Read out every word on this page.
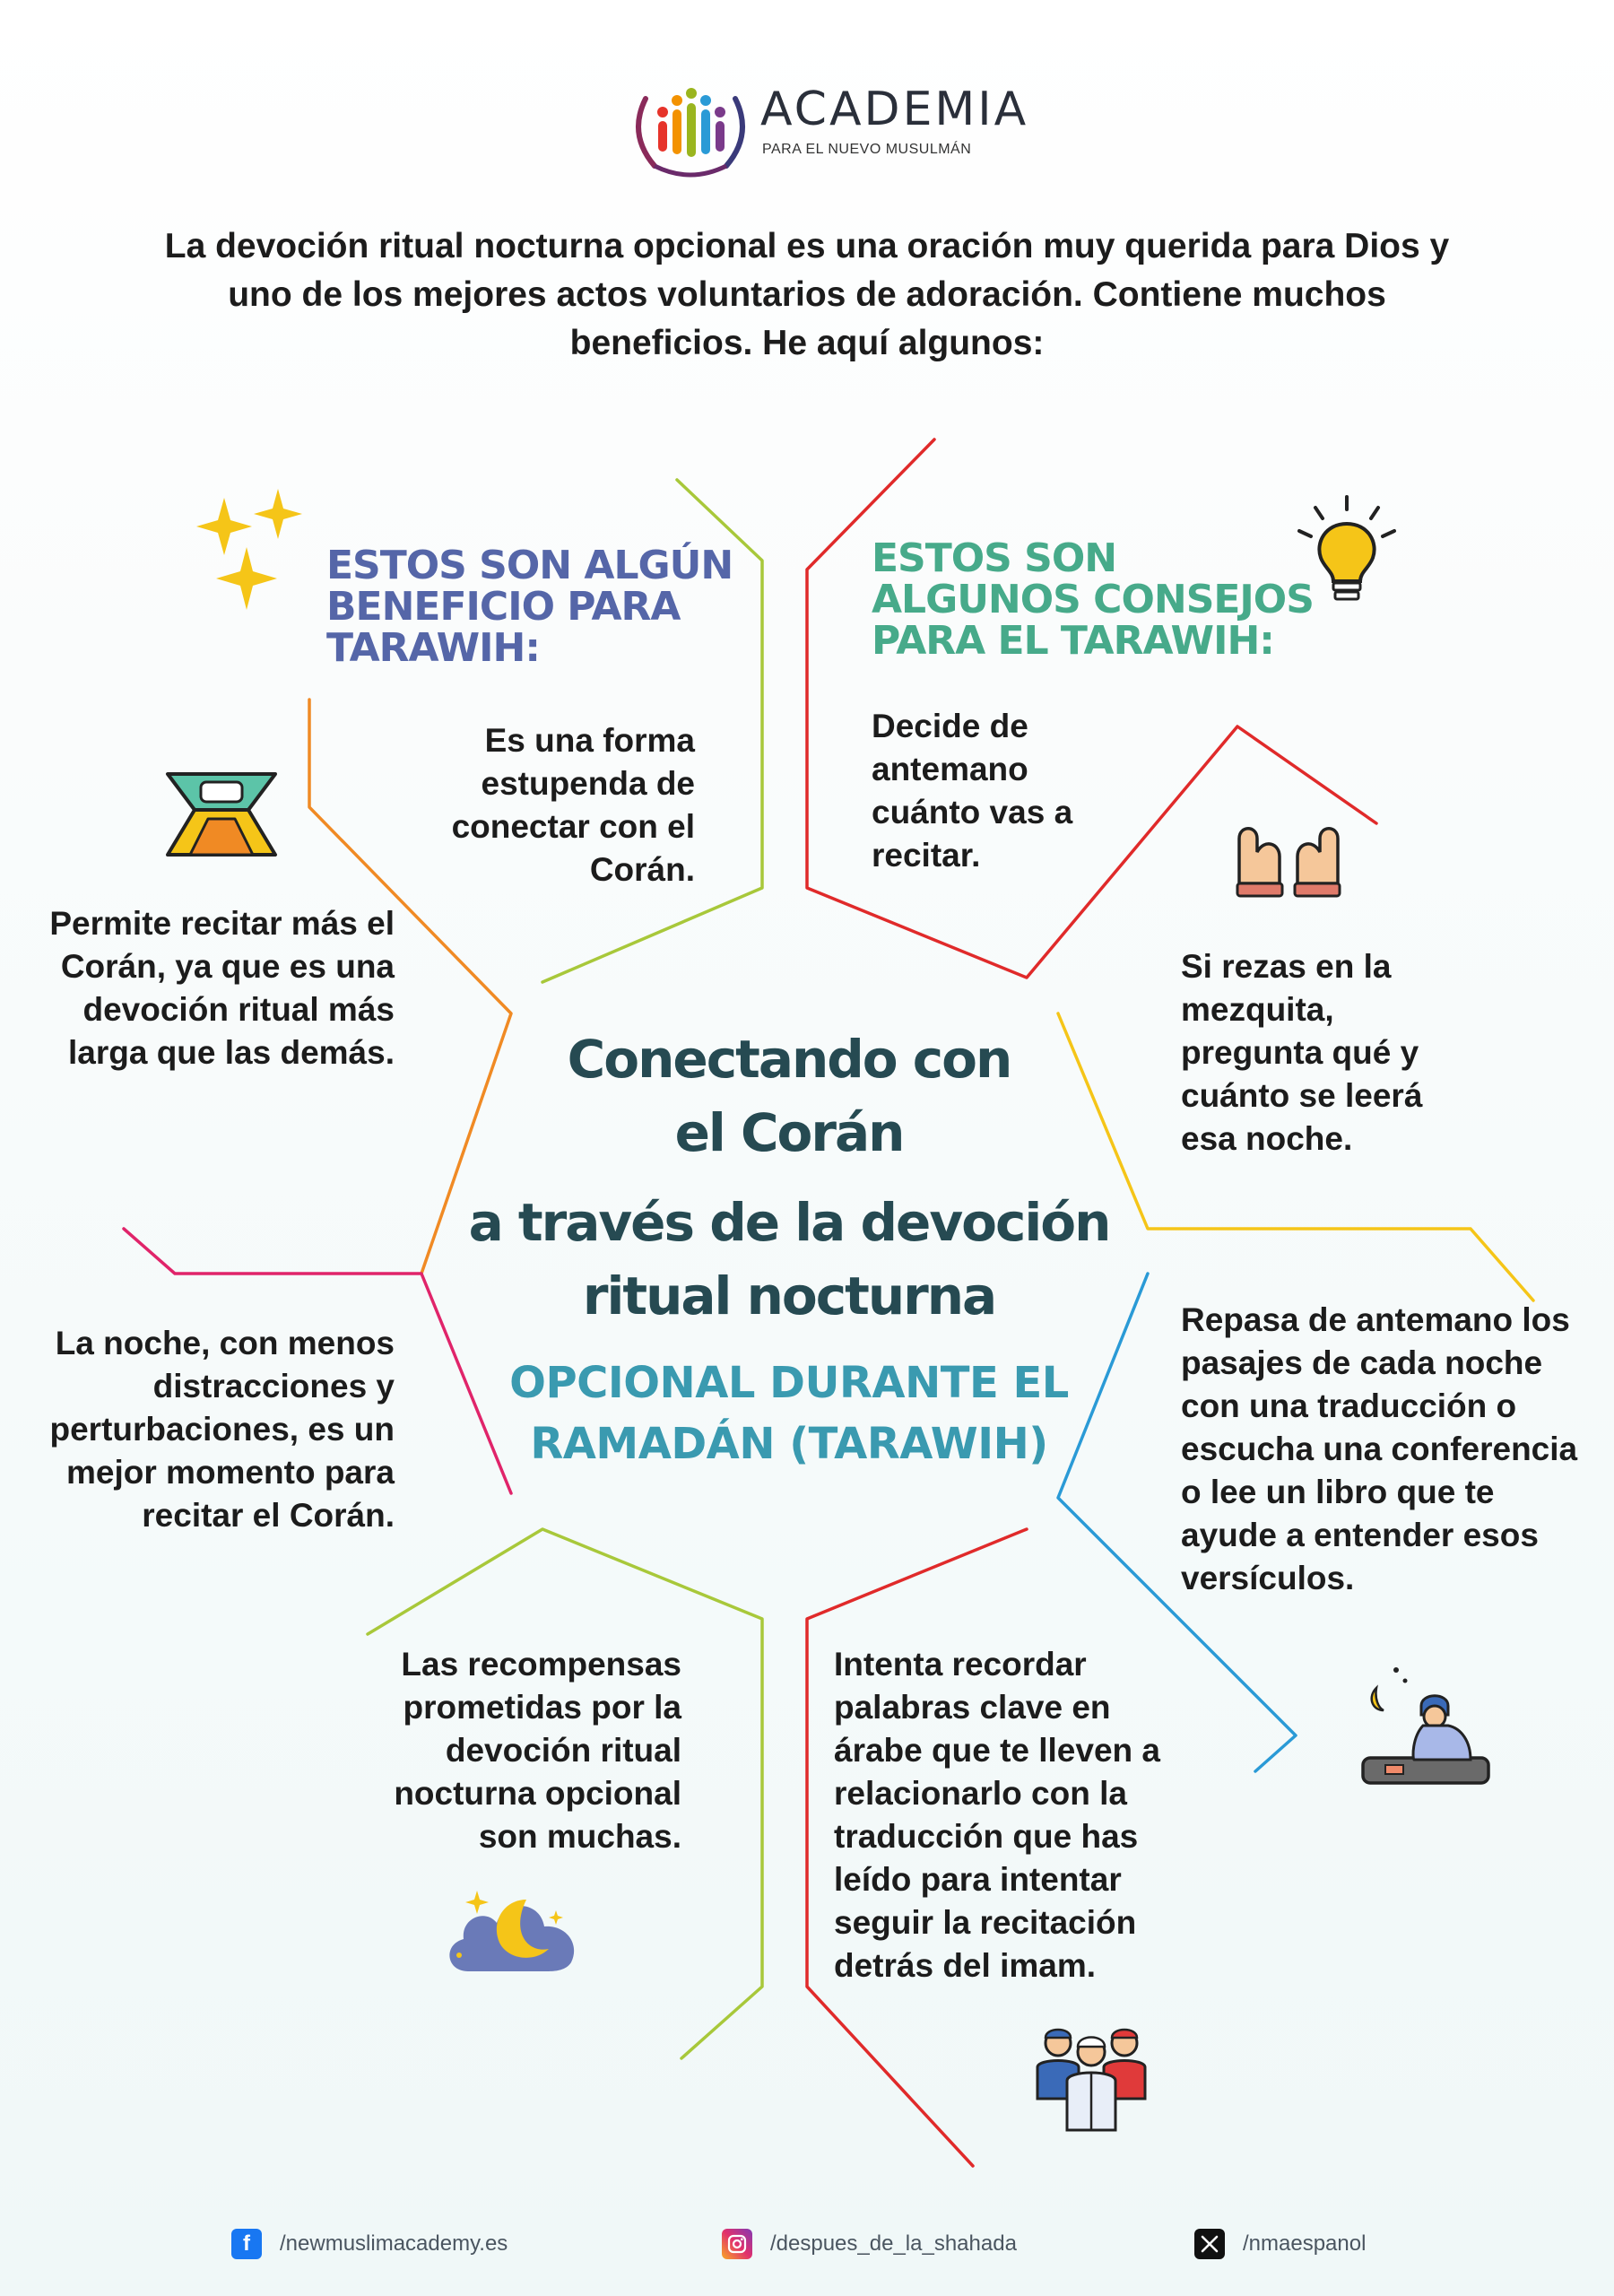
ACADEMIA
PARA EL NUEVO MUSULMÁN
La devoción ritual nocturna opcional es una oración muy querida para Dios y uno de los mejores actos voluntarios de adoración. Contiene muchos beneficios. He aquí algunos:
ESTOS SON ALGÚN BENEFICIO PARA TARAWIH:
ESTOS SON ALGUNOS CONSEJOS PARA EL TARAWIH:
Es una forma estupenda de conectar con el Corán.
Permite recitar más el Corán, ya que es una devoción ritual más larga que las demás.
La noche, con menos distracciones y perturbaciones, es un mejor momento para recitar el Corán.
Las recompensas prometidas por la devoción ritual nocturna opcional son muchas.
Decide de antemano cuánto vas a recitar.
Si rezas en la mezquita, pregunta qué y cuánto se leerá esa noche.
Repasa de antemano los pasajes de cada noche con una traducción o escucha una conferencia o lee un libro que te ayude a entender esos versículos.
Intenta recordar palabras clave en árabe que te lleven a relacionarlo con la traducción que has leído para intentar seguir la recitación detrás del imam.
Conectando con
el Corán
a través de la devoción
ritual nocturna
OPCIONAL DURANTE EL
RAMADÁN (TARAWIH)
f	/newmuslimacademy.es	/despues_de_la_shahada	/nmaespanol
